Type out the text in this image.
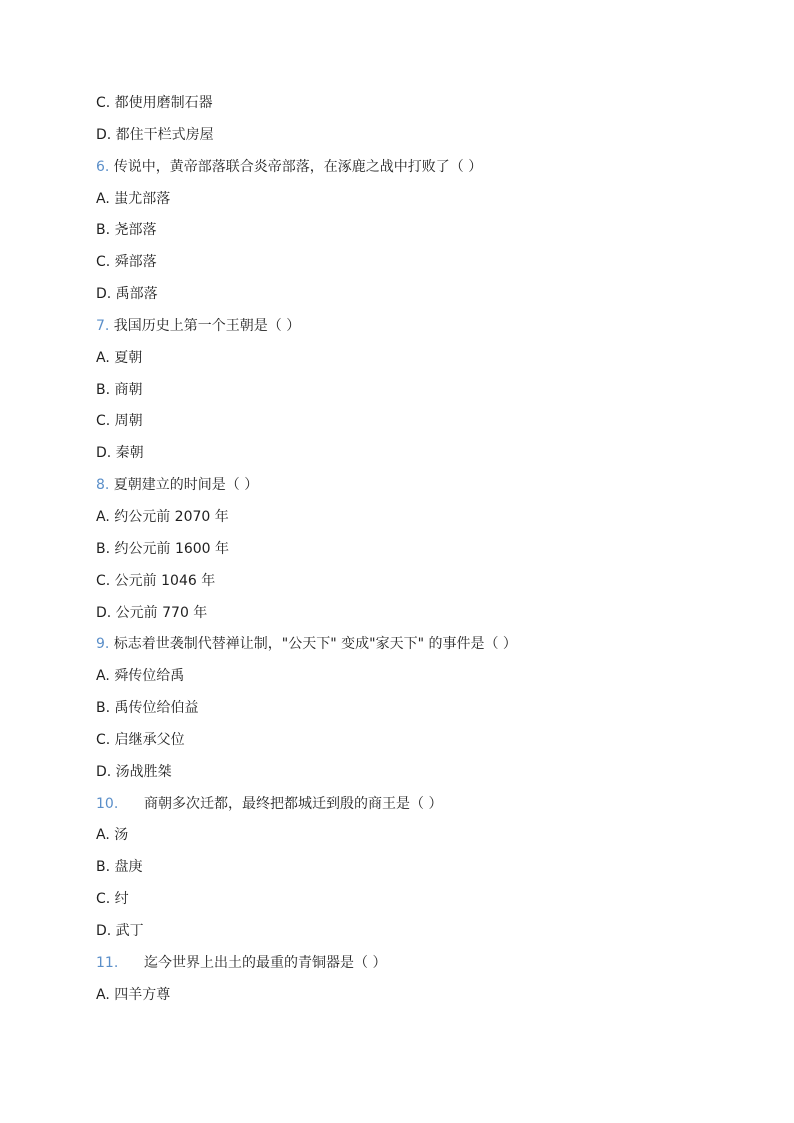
C. 都使用磨制石器
D. 都住干栏式房屋
6. 传说中，黄帝部落联合炎帝部落，在涿鹿之战中打败了（ ）
A. 蚩尤部落
B. 尧部落
C. 舜部落
D. 禹部落
7. 我国历史上第一个王朝是（ ）
A. 夏朝
B. 商朝
C. 周朝
D. 秦朝
8. 夏朝建立的时间是（ ）
A. 约公元前 2070 年
B. 约公元前 1600 年
C. 公元前 1046 年
D. 公元前 770 年
9. 标志着世袭制代替禅让制，"公天下" 变成"家天下" 的事件是（ ）
A. 舜传位给禹
B. 禹传位给伯益
C. 启继承父位
D. 汤战胜桀
10. 商朝多次迁都，最终把都城迁到殷的商王是（ ）
A. 汤
B. 盘庚
C. 纣
D. 武丁
11. 迄今世界上出土的最重的青铜器是（ ）
A. 四羊方尊
